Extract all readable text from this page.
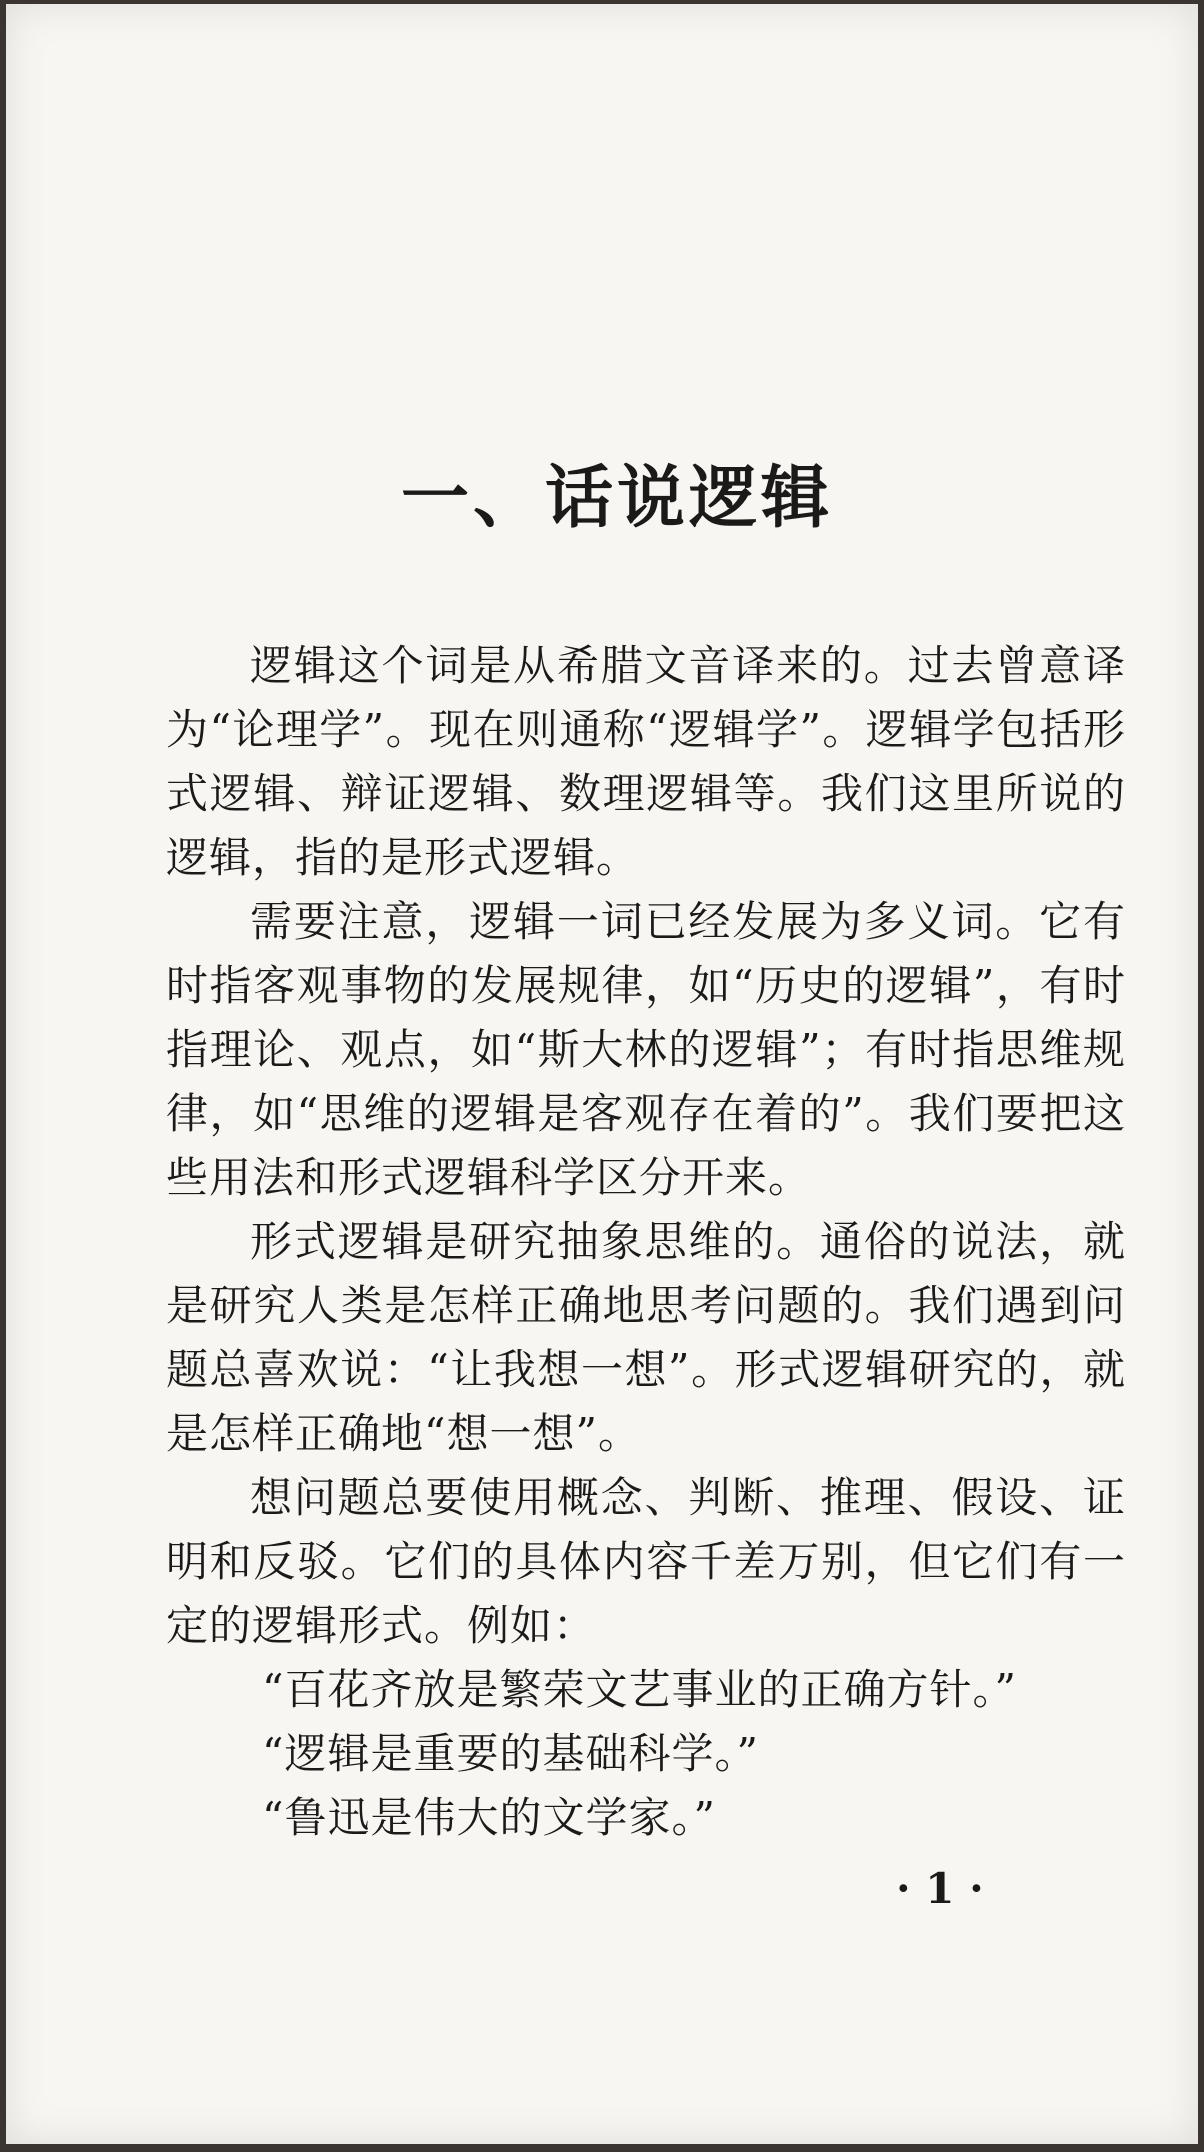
一、话说逻辑

逻辑这个词是从希腊文音译来的。过去曾意译为“论理学”。现在则通称“逻辑学”。逻辑学包括形式逻辑、辩证逻辑、数理逻辑等。我们这里所说的逻辑，指的是形式逻辑。

需要注意，逻辑一词已经发展为多义词。它有时指客观事物的发展规律，如“历史的逻辑”，有时指理论、观点，如“斯大林的逻辑”；有时指思维规律，如“思维的逻辑是客观存在着的”。我们要把这些用法和形式逻辑科学区分开来。

形式逻辑是研究抽象思维的。通俗的说法，就是研究人类是怎样正确地思考问题的。我们遇到问题总喜欢说：“让我想一想”。形式逻辑研究的，就是怎样正确地“想一想”。

想问题总要使用概念、判断、推理、假设、证明和反驳。它们的具体内容千差万别，但它们有一定的逻辑形式。例如：

“百花齐放是繁荣文艺事业的正确方针。”

“逻辑是重要的基础科学。”

“鲁迅是伟大的文学家。”

· 1 ·
